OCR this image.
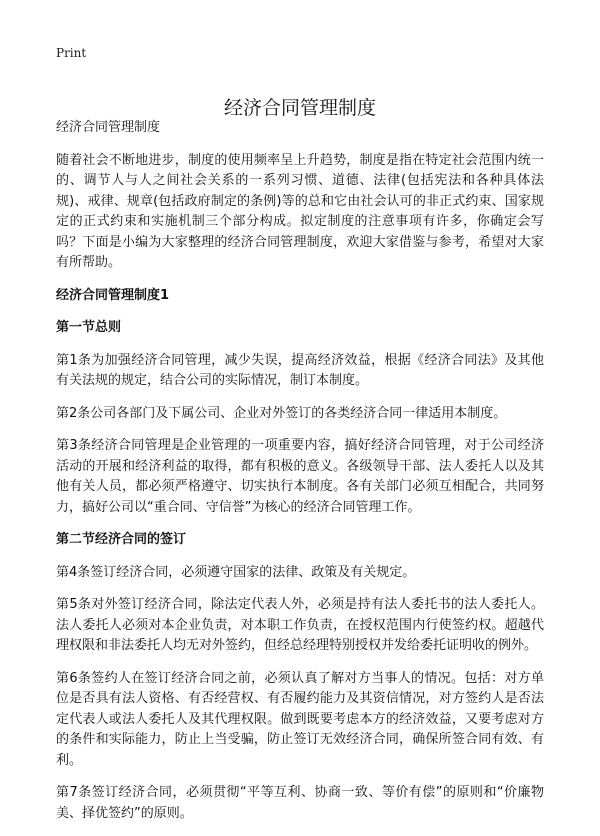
Print
经济合同管理制度

经济合同管理制度

随着社会不断地进步，制度的使用频率呈上升趋势，制度是指在特定社会范围内统一的、调节人与人之间社会关系的一系列习惯、道德、法律(包括宪法和各种具体法规)、戒律、规章(包括政府制定的条例)等的总和它由社会认可的非正式约束、国家规定的正式约束和实施机制三个部分构成。拟定制度的注意事项有许多，你确定会写吗？下面是小编为大家整理的经济合同管理制度，欢迎大家借鉴与参考，希望对大家有所帮助。

经济合同管理制度1
第一节总则

第1条为加强经济合同管理，减少失误，提高经济效益，根据《经济合同法》及其他有关法规的规定，结合公司的实际情况，制订本制度。

第2条公司各部门及下属公司、企业对外签订的各类经济合同一律适用本制度。

第3条经济合同管理是企业管理的一项重要内容，搞好经济合同管理，对于公司经济活动的开展和经济利益的取得，都有积极的意义。各级领导干部、法人委托人以及其他有关人员，都必须严格遵守、切实执行本制度。各有关部门必须互相配合，共同努力，搞好公司以“重合同、守信誉”为核心的经济合同管理工作。

第二节经济合同的签订

第4条签订经济合同，必须遵守国家的法律、政策及有关规定。

第5条对外签订经济合同，除法定代表人外，必须是持有法人委托书的法人委托人。法人委托人必须对本企业负责，对本职工作负责，在授权范围内行使签约权。超越代理权限和非法委托人均无对外签约，但经总经理特别授权并发给委托证明收的例外。

第6条签约人在签订经济合同之前，必须认真了解对方当事人的情况。包括：对方单位是否具有法人资格、有否经营权、有否履约能力及其资信情况，对方签约人是否法定代表人或法人委托人及其代理权限。做到既要考虑本方的经济效益，又要考虑对方的条件和实际能力，防止上当受骗，防止签订无效经济合同，确保所签合同有效、有利。

第7条签订经济合同，必须贯彻“平等互利、协商一致、等价有偿”的原则和“价廉物美、择优签约”的原则。
